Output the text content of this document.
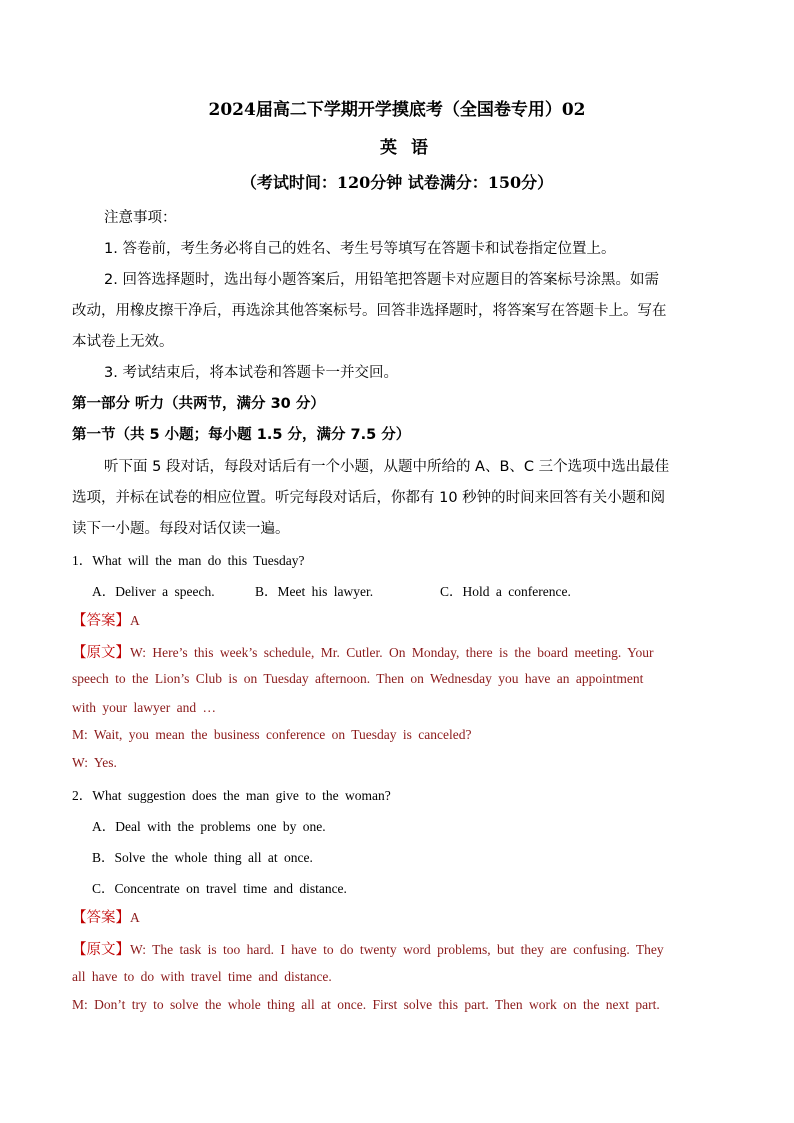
2024届高二下学期开学摸底考（全国卷专用）02
英语
（考试时间：120分钟 试卷满分：150分）
注意事项：
1. 答卷前，考生务必将自己的姓名、考生号等填写在答题卡和试卷指定位置上。
2. 回答选择题时，选出每小题答案后，用铅笔把答题卡对应题目的答案标号涂黑。如需
改动，用橡皮擦干净后，再选涂其他答案标号。回答非选择题时，将答案写在答题卡上。写在
本试卷上无效。
3. 考试结束后，将本试卷和答题卡一并交回。
第一部分 听力（共两节，满分 30 分）
第一节（共 5 小题；每小题 1.5 分，满分 7.5 分）
听下面 5 段对话，每段对话后有一个小题，从题中所给的 A、B、C 三个选项中选出最佳
选项，并标在试卷的相应位置。听完每段对话后，你都有 10 秒钟的时间来回答有关小题和阅
读下一小题。每段对话仅读一遍。
1．What will the man do this Tuesday?
A．Deliver a speech.	B．Meet his lawyer.	C．Hold a conference.
【答案】A
【原文】W: Here’s this week’s schedule, Mr. Cutler. On Monday, there is the board meeting. Your
speech to the Lion’s Club is on Tuesday afternoon. Then on Wednesday you have an appointment
with your lawyer and …
M: Wait, you mean the business conference on Tuesday is canceled?
W: Yes.
2．What suggestion does the man give to the woman?
A．Deal with the problems one by one.
B．Solve the whole thing all at once.
C．Concentrate on travel time and distance.
【答案】A
【原文】W: The task is too hard. I have to do twenty word problems, but they are confusing. They
all have to do with travel time and distance.
M: Don’t try to solve the whole thing all at once. First solve this part. Then work on the next part.
